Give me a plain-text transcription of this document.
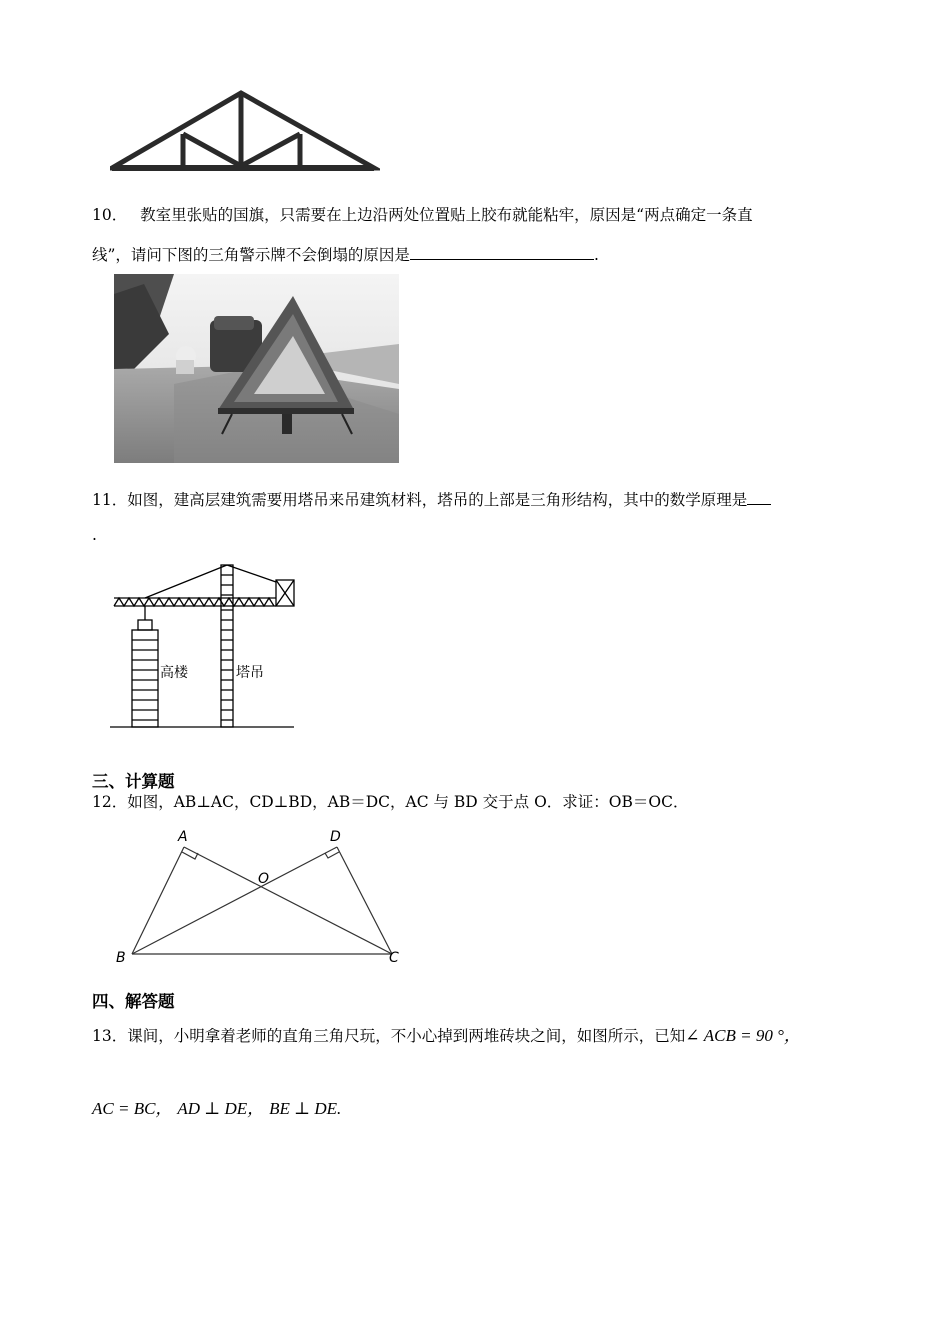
10． 教室里张贴的国旗，只需要在上边沿两处位置贴上胶布就能粘牢，原因是“两点确定一条直
线”，请问下图的三角警示牌不会倒塌的原因是	.
11．如图，建高层建筑需要用塔吊来吊建筑材料，塔吊的上部是三角形结构，其中的数学原理是
.
高楼	塔吊
三、计算题
12．如图，AB⊥AC，CD⊥BD，AB＝DC，AC 与 BD 交于点 O．求证：OB＝OC．
A	D
O
B	C
四、解答题
13．课间，小明拿着老师的直角三角尺玩，不小心掉到两堆砖块之间，如图所示，已知∠ ACB = 90 °，
AC = BC， AD ⊥ DE， BE ⊥ DE.
